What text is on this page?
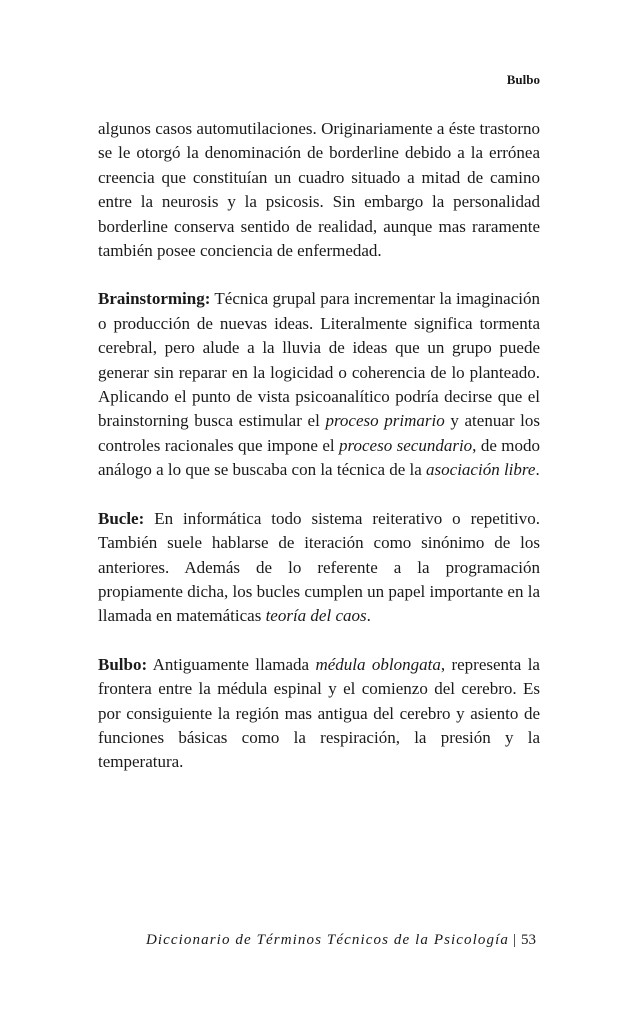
Bulbo

algunos casos automutilaciones. Originariamente a éste trastorno se le otorgó la denominación de borderline debido a la errónea creencia que constituían un cuadro situado a mitad de camino entre la neurosis y la psicosis. Sin embargo la personalidad borderline conserva sentido de realidad, aunque mas raramente también posee conciencia de enfermedad.

Brainstorming: Técnica grupal para incrementar la imaginación o producción de nuevas ideas. Literalmente significa tormenta cerebral, pero alude a la lluvia de ideas que un grupo puede generar sin reparar en la logicidad o coherencia de lo planteado. Aplicando el punto de vista psicoanalítico podría decirse que el brainstorning busca estimular el proceso primario y atenuar los controles racionales que impone el proceso secundario, de modo análogo a lo que se buscaba con la técnica de la asociación libre.

Bucle: En informática todo sistema reiterativo o repetitivo. También suele hablarse de iteración como sinónimo de los anteriores. Además de lo referente a la programación propiamente dicha, los bucles cumplen un papel importante en la llamada en matemáticas teoría del caos.

Bulbo: Antiguamente llamada médula oblongata, representa la frontera entre la médula espinal y el comienzo del cerebro. Es por consiguiente la región mas antigua del cerebro y asiento de funciones básicas como la respiración, la presión y la temperatura.

Diccionario de Términos Técnicos de la Psicología | 53
